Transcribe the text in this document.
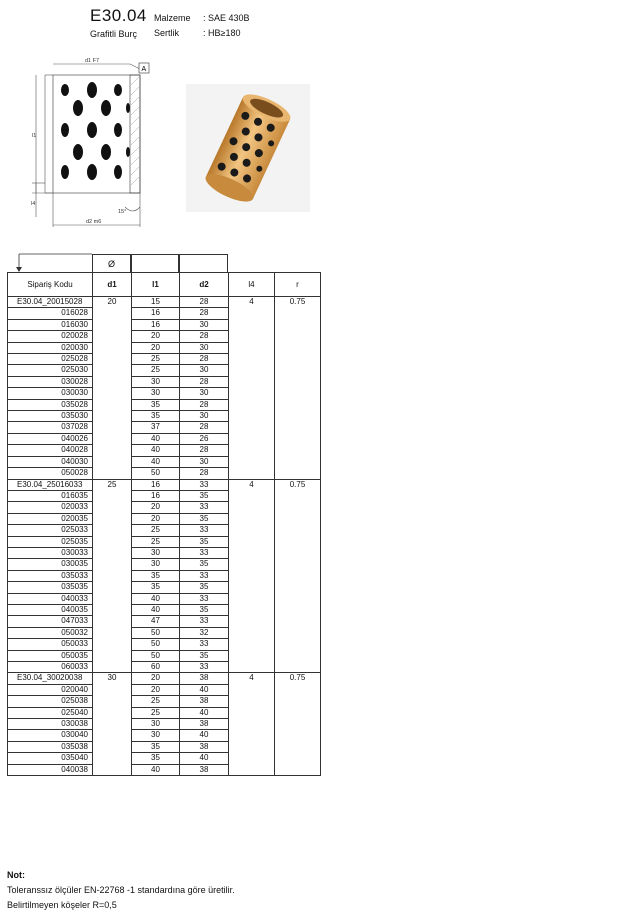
E30.04
Grafitli Burç
Malzeme : SAE 430B
Sertlik	: HB≥180
A
d1 F7
d2 m6
l1
l4
15°
Ø
Sipariş Kodu	d1	l1	d2	l4	r
E30.04_20015028	20	15	28	4	0.75
016028		16	28		
016030		16	30		
020028		20	28		
020030		20	30		
025028		25	28		
025030		25	30		
030028		30	28		
030030		30	30		
035028		35	28		
035030		35	30		
037028		37	28		
040026		40	26		
040028		40	28		
040030		40	30		
050028		50	28		
E30.04_25016033	25	16	33	4	0.75
016035		16	35		
020033		20	33		
020035		20	35		
025033		25	33		
025035		25	35		
030033		30	33		
030035		30	35		
035033		35	33		
035035		35	35		
040033		40	33		
040035		40	35		
047033		47	33		
050032		50	32		
050033		50	33		
050035		50	35		
060033		60	33		
E30.04_30020038	30	20	38	4	0.75
020040		20	40		
025038		25	38		
025040		25	40		
030038		30	38		
030040		30	40		
035038		35	38		
035040		35	40		
040038		40	38		
Not:
Toleranssız ölçüler EN-22768 -1 standardına göre üretilir.
Belirtilmeyen köşeler R=0,5
